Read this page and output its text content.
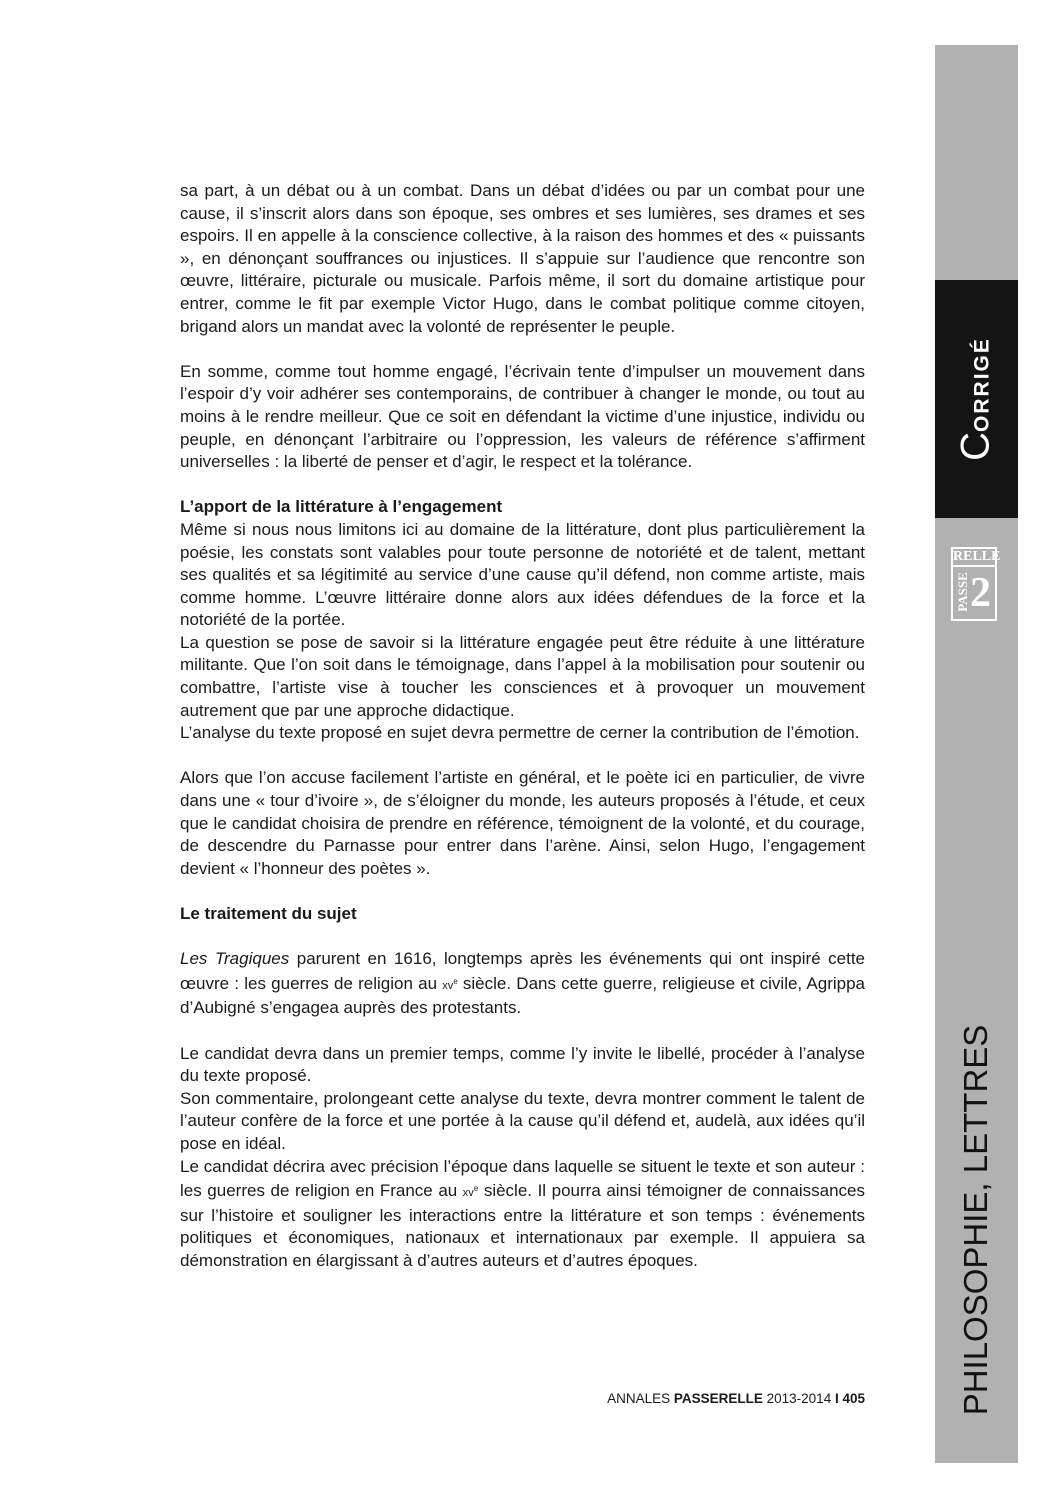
sa part, à un débat ou à un combat. Dans un débat d’idées ou par un combat pour une cause, il s’inscrit alors dans son époque, ses ombres et ses lumières, ses drames et ses espoirs. Il en appelle à la conscience collective, à la raison des hommes et des « puissants », en dénonçant souffrances ou injustices. Il s’appuie sur l’audience que rencontre son œuvre, littéraire, picturale ou musicale. Parfois même, il sort du domaine artistique pour entrer, comme le fit par exemple Victor Hugo, dans le combat politique comme citoyen, brigand alors un mandat avec la volonté de représenter le peuple.

En somme, comme tout homme engagé, l’écrivain tente d’impulser un mouvement dans l’espoir d’y voir adhérer ses contemporains, de contribuer à changer le monde, ou tout au moins à le rendre meilleur. Que ce soit en défendant la victime d’une injustice, individu ou peuple, en dénonçant l’arbitraire ou l’oppression, les valeurs de référence s’affirment universelles : la liberté de penser et d’agir, le respect et la tolérance.

L’apport de la littérature à l’engagement

Même si nous nous limitons ici au domaine de la littérature, dont plus particulièrement la poésie, les constats sont valables pour toute personne de notoriété et de talent, mettant ses qualités et sa légitimité au service d’une cause qu’il défend, non comme artiste, mais comme homme. L’œuvre littéraire donne alors aux idées défendues de la force et la notoriété de la portée.

La question se pose de savoir si la littérature engagée peut être réduite à une littérature militante. Que l’on soit dans le témoignage, dans l’appel à la mobilisation pour soutenir ou combattre, l’artiste vise à toucher les consciences et à provoquer un mouvement autrement que par une approche didactique.

L’analyse du texte proposé en sujet devra permettre de cerner la contribution de l’émotion.

Alors que l’on accuse facilement l’artiste en général, et le poète ici en particulier, de vivre dans une « tour d’ivoire », de s’éloigner du monde, les auteurs proposés à l’étude, et ceux que le candidat choisira de prendre en référence, témoignent de la volonté, et du courage, de descendre du Parnasse pour entrer dans l’arène. Ainsi, selon Hugo, l’engagement devient « l’honneur des poètes ».

Le traitement du sujet

Les Tragiques parurent en 1616, longtemps après les événements qui ont inspiré cette œuvre : les guerres de religion au $xv^e$ siècle. Dans cette guerre, religieuse et civile, Agrippa d’Aubigné s’engagea auprès des protestants.

Le candidat devra dans un premier temps, comme l’y invite le libellé, procéder à l’analyse du texte proposé.

Son commentaire, prolongeant cette analyse du texte, devra montrer comment le talent de l’auteur confère de la force et une portée à la cause qu’il défend et, audelà, aux idées qu’il pose en idéal.

Le candidat décrira avec précision l’époque dans laquelle se situent le texte et son auteur : les guerres de religion en France au $xv^e$ siècle. Il pourra ainsi témoigner de connaissances sur l’histoire et souligner les interactions entre la littérature et son temps : événements politiques et économiques, nationaux et internationaux par exemple. Il appuiera sa démonstration en élargissant à d’autres auteurs et d’autres époques.

CORRIGÉ
RELLE
PASSE 2
PHILOSOPHIE, LETTRES
ANNALES PASSERELLE 2013-2014 I 405
